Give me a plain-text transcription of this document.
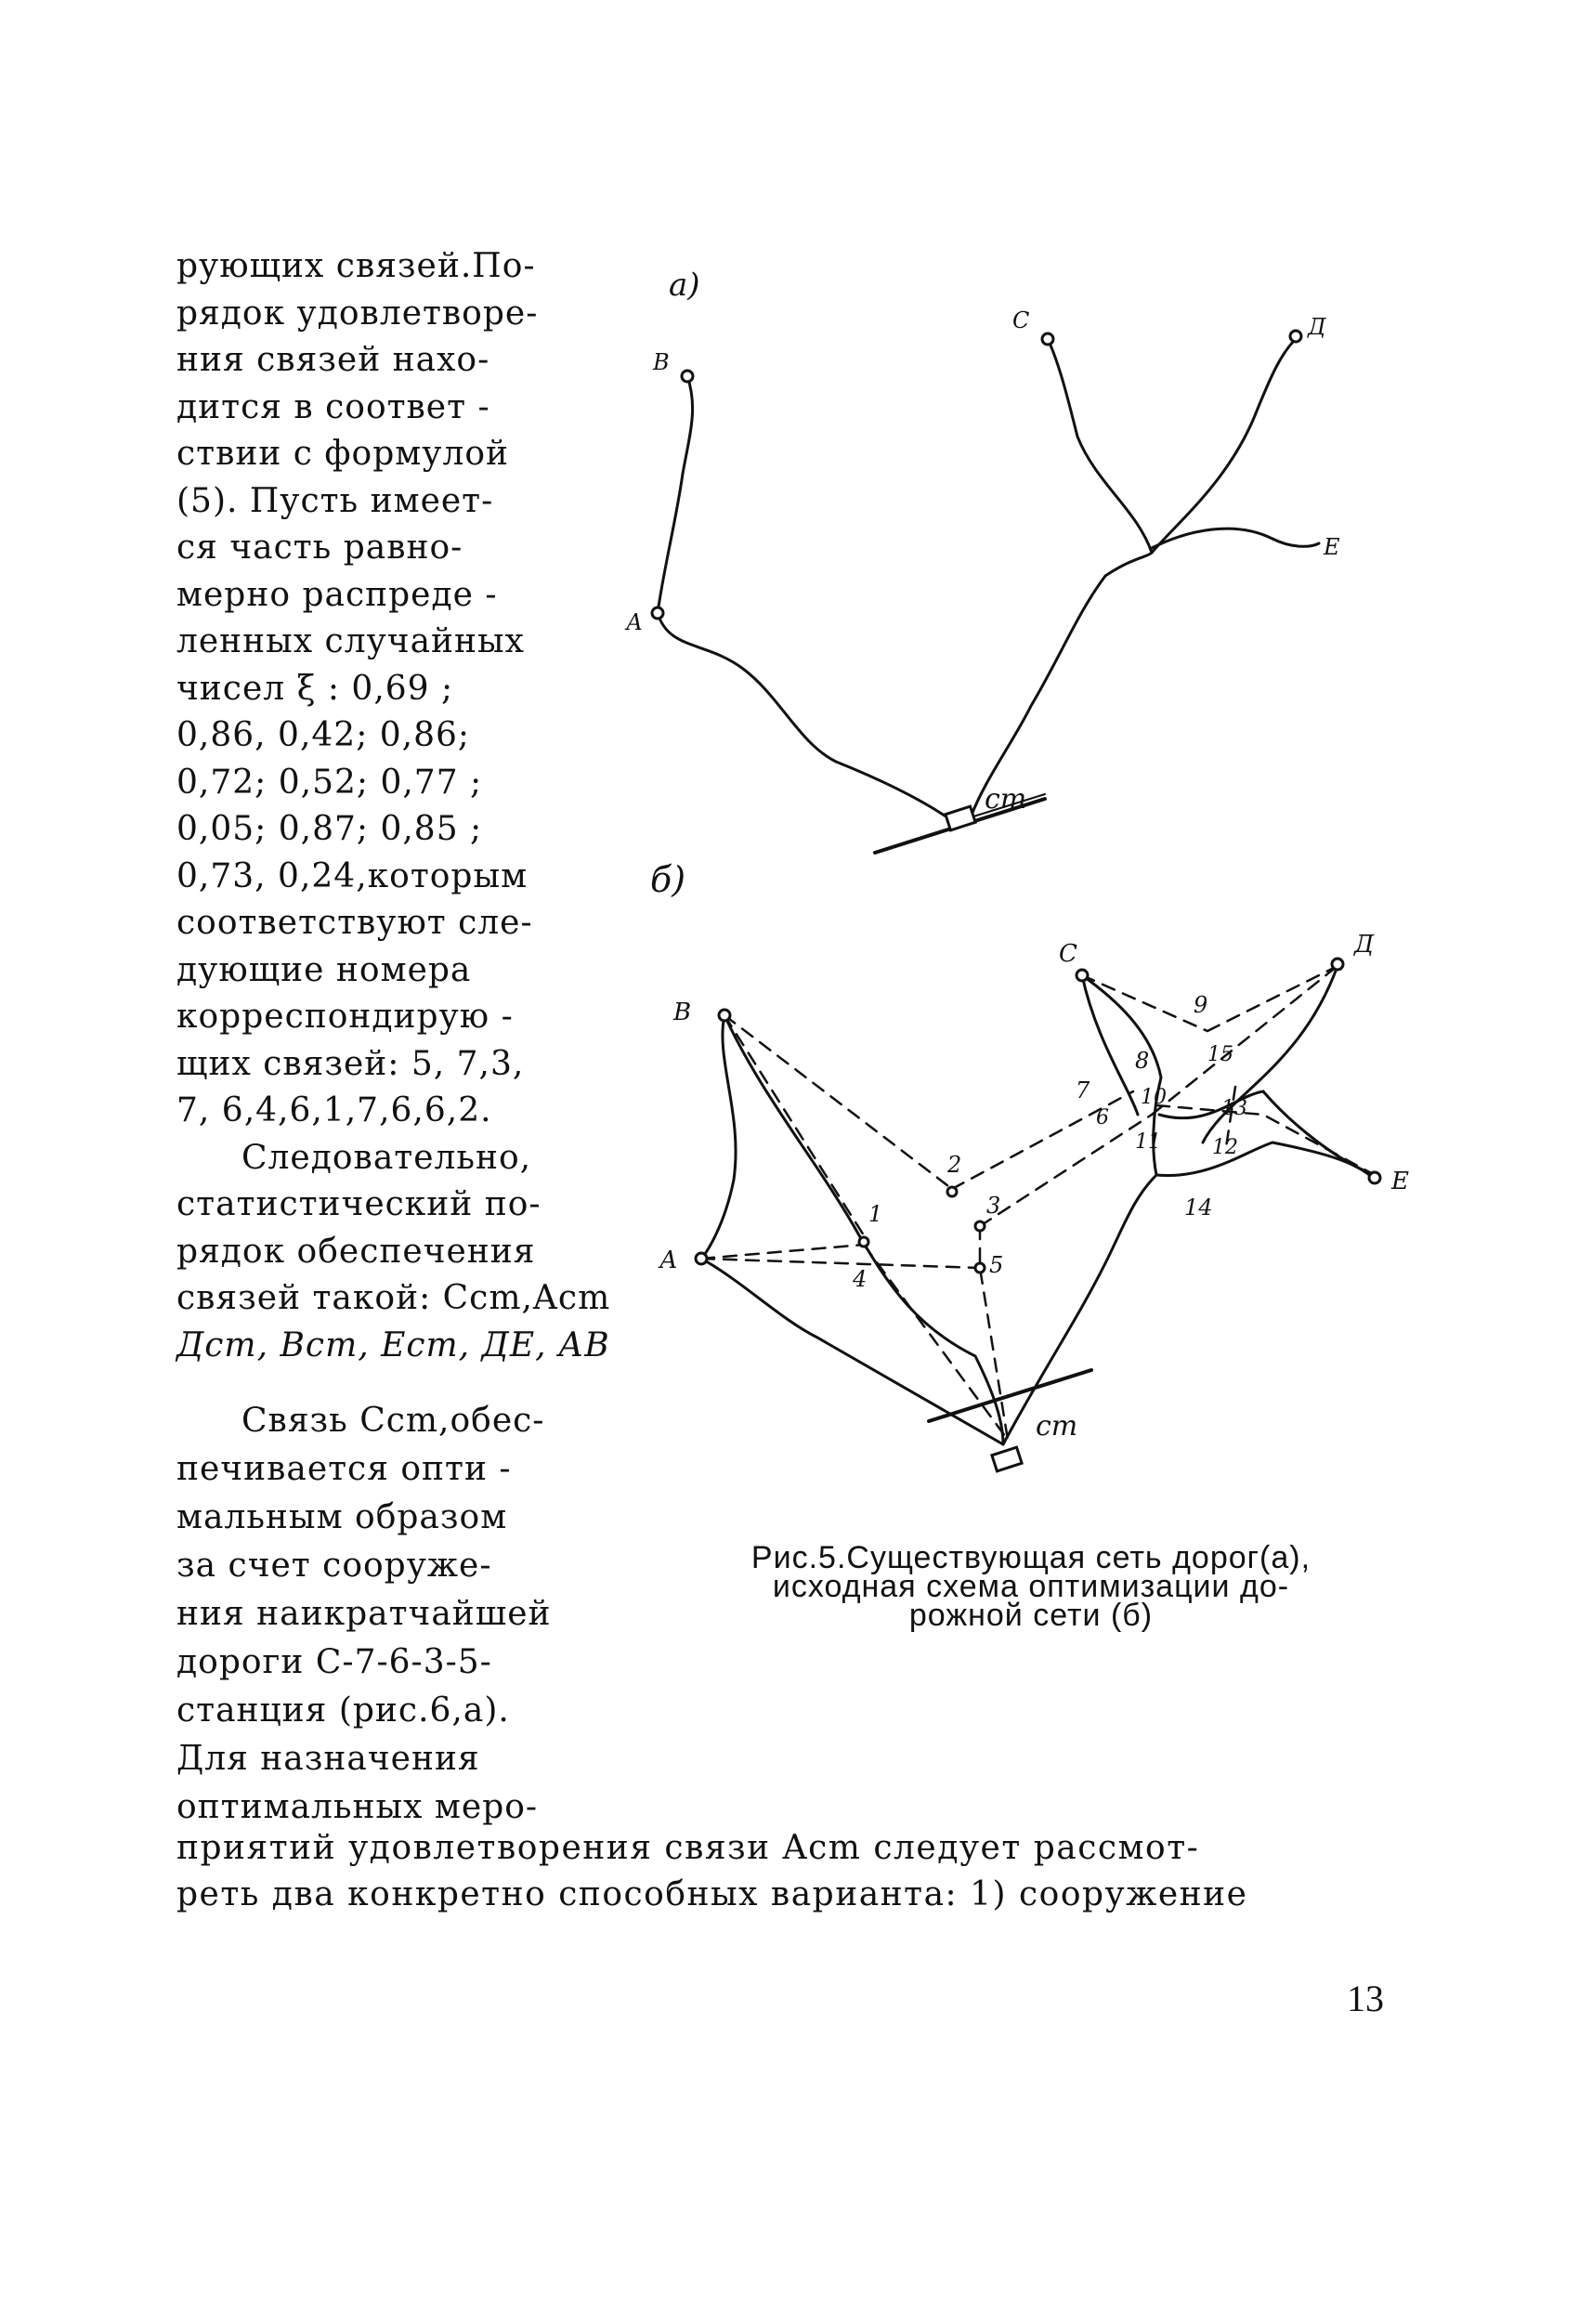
рующих связей.По-
рядок удовлетворе-
ния связей нахо-
дится в соответ -
ствии с формулой
(5). Пусть имеет-
ся часть равно-
мерно распреде -
ленных случайных
чисел ξ : 0,69 ;
0,86, 0,42; 0,86;
0,72; 0,52; 0,77 ;
0,05; 0,87; 0,85 ;
0,73, 0,24,которым
соответствуют сле-
дующие номера
корреспондирую -
щих связей: 5, 7,3,
7, 6,4,6,1,7,6,6,2.
Следовательно,
статистический по-
рядок обеспечения
связей такой: Ccm,Acm
Дcm, Bcm, Ecm, ДЕ, АВ
Связь Ccm,обес-
печивается опти -
мальным образом
за счет сооруже-
ния наикратчайшей
дороги С-7-6-3-5-
станция (рис.6,а).
Для назначения
оптимальных меро-
a)
B
А
C	Д
Е
cm
б)
B
А
C	Д
Е
cm
1
2
3
4
5
6
7
8
9
10
11	12
13
14
15
Рис.5.Существующая сеть дорог(а),
исходная схема оптимизации до-
рожной сети (б)
приятий удовлетворения связи Acm следует рассмот-
реть два конкретно способных варианта: 1) сооружение
13
